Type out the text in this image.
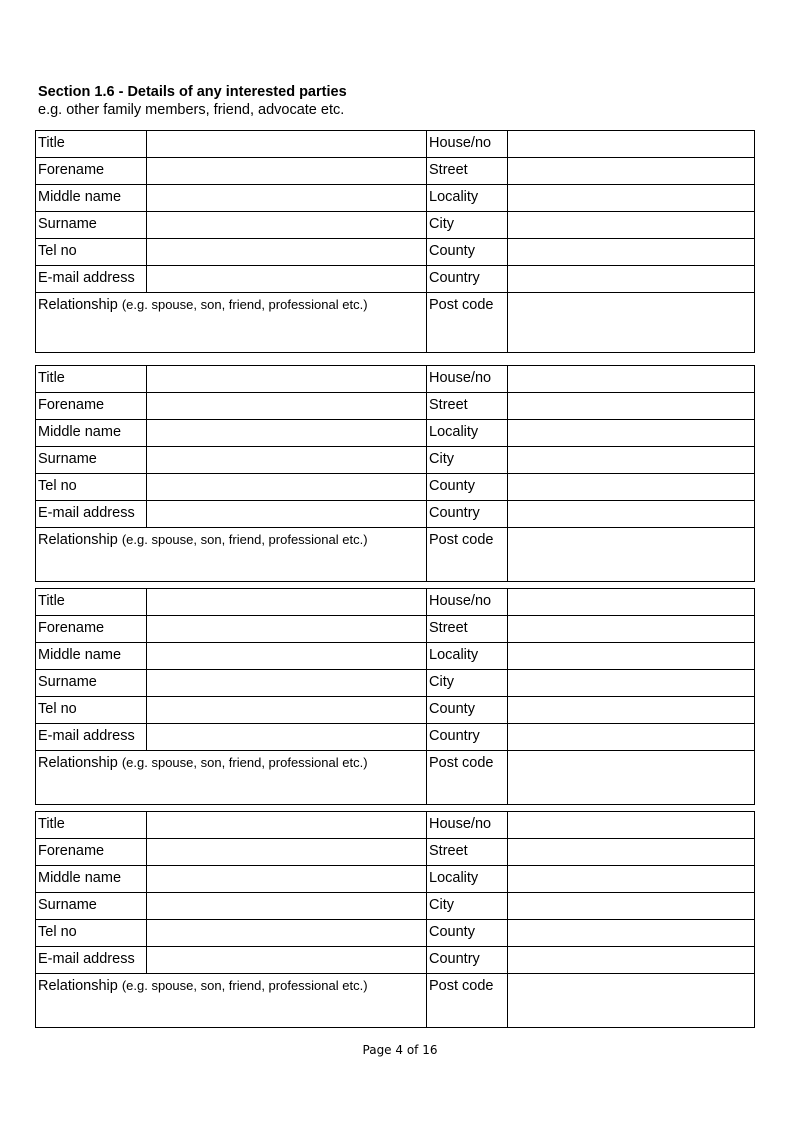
Section 1.6 - Details of any interested parties
e.g. other family members, friend, advocate etc.
Title		House/no	
Forename		Street	
Middle name		Locality	
Surname		City	
Tel no		County	
E-mail address		Country	
Relationship (e.g. spouse, son, friend, professional etc.)		Post code	
Title		House/no	
Forename		Street	
Middle name		Locality	
Surname		City	
Tel no		County	
E-mail address		Country	
Relationship (e.g. spouse, son, friend, professional etc.)		Post code	
Title		House/no	
Forename		Street	
Middle name		Locality	
Surname		City	
Tel no		County	
E-mail address		Country	
Relationship (e.g. spouse, son, friend, professional etc.)		Post code	
Title		House/no	
Forename		Street	
Middle name		Locality	
Surname		City	
Tel no		County	
E-mail address		Country	
Relationship (e.g. spouse, son, friend, professional etc.)		Post code	
Page 4 of 16
